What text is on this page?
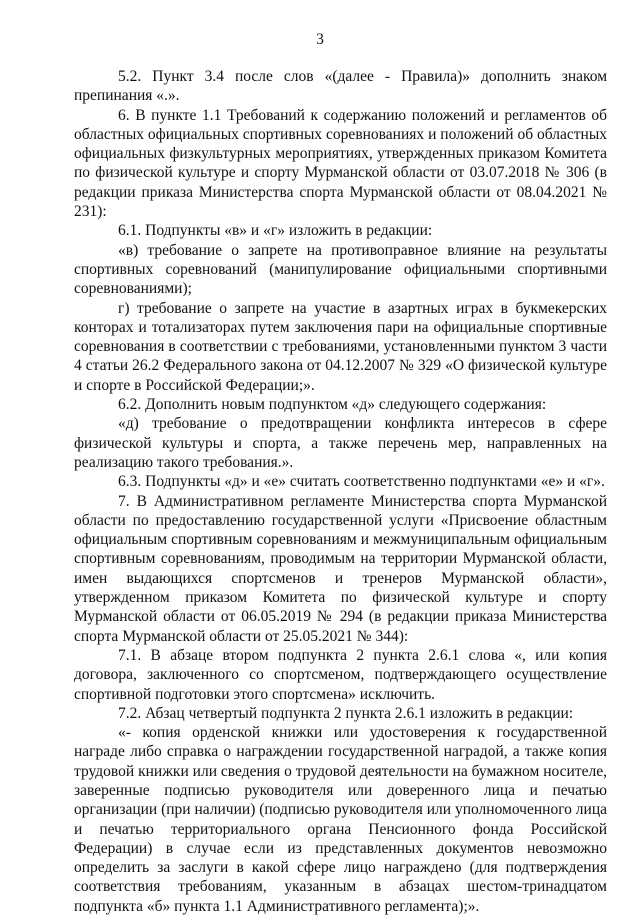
3

5.2. Пункт 3.4 после слов «(далее - Правила)» дополнить знаком препинания «.».

6. В пункте 1.1 Требований к содержанию положений и регламентов об областных официальных спортивных соревнованиях и положений об областных официальных физкультурных мероприятиях, утвержденных приказом Комитета по физической культуре и спорту Мурманской области от 03.07.2018 № 306 (в редакции приказа Министерства спорта Мурманской области от 08.04.2021 № 231):

6.1. Подпункты «в» и «г» изложить в редакции:

«в) требование о запрете на противоправное влияние на результаты спортивных соревнований (манипулирование официальными спортивными соревнованиями);

г) требование о запрете на участие в азартных играх в букмекерских конторах и тотализаторах путем заключения пари на официальные спортивные соревнования в соответствии с требованиями, установленными пунктом 3 части 4 статьи 26.2 Федерального закона от 04.12.2007 № 329 «О физической культуре и спорте в Российской Федерации;».

6.2. Дополнить новым подпунктом «д» следующего содержания:

«д) требование о предотвращении конфликта интересов в сфере физической культуры и спорта, а также перечень мер, направленных на реализацию такого требования.».

6.3. Подпункты «д» и «е» считать соответственно подпунктами «е» и «г».

7. В Административном регламенте Министерства спорта Мурманской области по предоставлению государственной услуги «Присвоение областным официальным спортивным соревнованиям и межмуниципальным официальным спортивным соревнованиям, проводимым на территории Мурманской области, имен выдающихся спортсменов и тренеров Мурманской области», утвержденном приказом Комитета по физической культуре и спорту Мурманской области от 06.05.2019 № 294 (в редакции приказа Министерства спорта Мурманской области от 25.05.2021 № 344):

7.1. В абзаце втором подпункта 2 пункта 2.6.1 слова «, или копия договора, заключенного со спортсменом, подтверждающего осуществление спортивной подготовки этого спортсмена» исключить.

7.2. Абзац четвертый подпункта 2 пункта 2.6.1 изложить в редакции:

«- копия орденской книжки или удостоверения к государственной награде либо справка о награждении государственной наградой, а также копия трудовой книжки или сведения о трудовой деятельности на бумажном носителе, заверенные подписью руководителя или доверенного лица и печатью организации (при наличии) (подписью руководителя или уполномоченного лица и печатью территориального органа Пенсионного фонда Российской Федерации) в случае если из представленных документов невозможно определить за заслуги в какой сфере лицо награждено (для подтверждения соответствия требованиям, указанным в абзацах шестом-тринадцатом подпункта «б» пункта 1.1 Административного регламента);».
